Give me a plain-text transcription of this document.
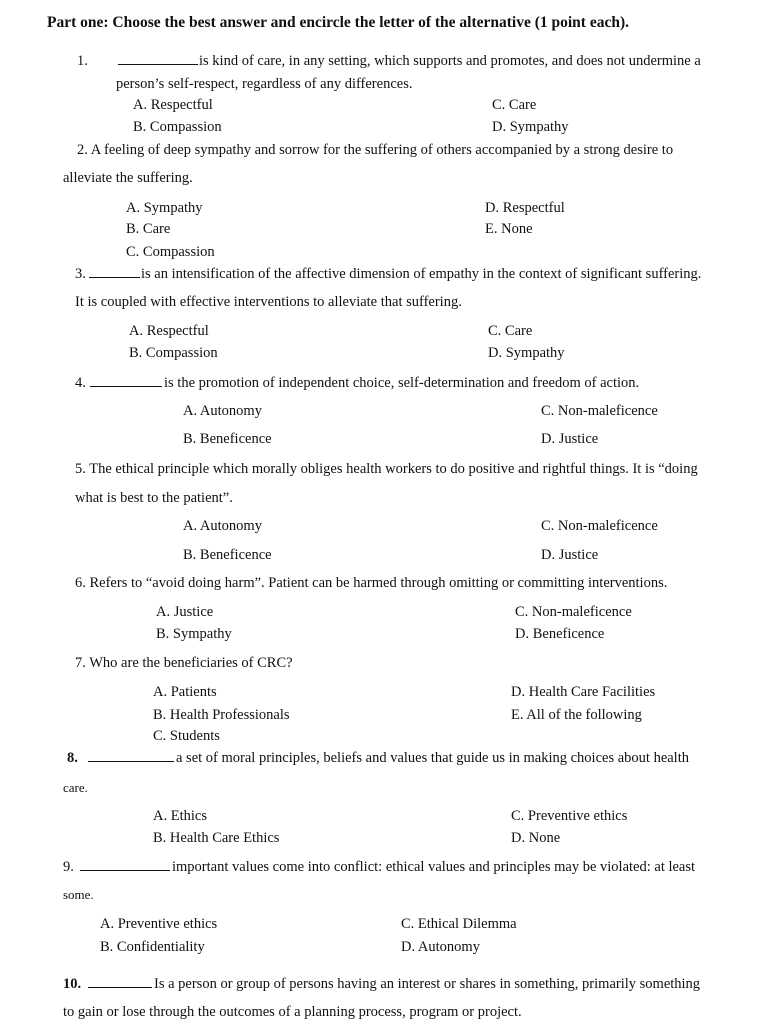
Part one: Choose the best answer and encircle the letter of the alternative (1 point each).
1.	is kind of care, in any setting, which supports and promotes, and does not undermine a
person’s self-respect, regardless of any differences.
A. Respectful
B. Compassion
C. Care
D. Sympathy
2. A feeling of deep sympathy and sorrow for the suffering of others accompanied by a strong desire to
alleviate the suffering.
A. Sympathy
B. Care
C. Compassion
D. Respectful
E. None
3.	is an intensification of the affective dimension of empathy in the context of significant suffering.
It is coupled with effective interventions to alleviate that suffering.
A. Respectful
B. Compassion
C. Care
D. Sympathy
4.	is the promotion of independent choice, self-determination and freedom of action.
A. Autonomy
B. Beneficence
C. Non-maleficence
D. Justice
5. The ethical principle which morally obliges health workers to do positive and rightful things. It is “doing
what is best to the patient”.
A. Autonomy
B. Beneficence
C. Non-maleficence
D. Justice
6. Refers to “avoid doing harm”. Patient can be harmed through omitting or committing interventions.
A. Justice
B. Sympathy
C. Non-maleficence
D. Beneficence
7. Who are the beneficiaries of CRC?
A. Patients
B. Health Professionals
C. Students
D. Health Care Facilities
E. All of the following
8.	a set of moral principles, beliefs and values that guide us in making choices about health
care.
A. Ethics
B. Health Care Ethics
C. Preventive ethics
D. None
9.	important values come into conflict: ethical values and principles may be violated: at least
some.
A. Preventive ethics
B. Confidentiality
C. Ethical Dilemma
D. Autonomy
10.	Is a person or group of persons having an interest or shares in something, primarily something
to gain or lose through the outcomes of a planning process, program or project.
